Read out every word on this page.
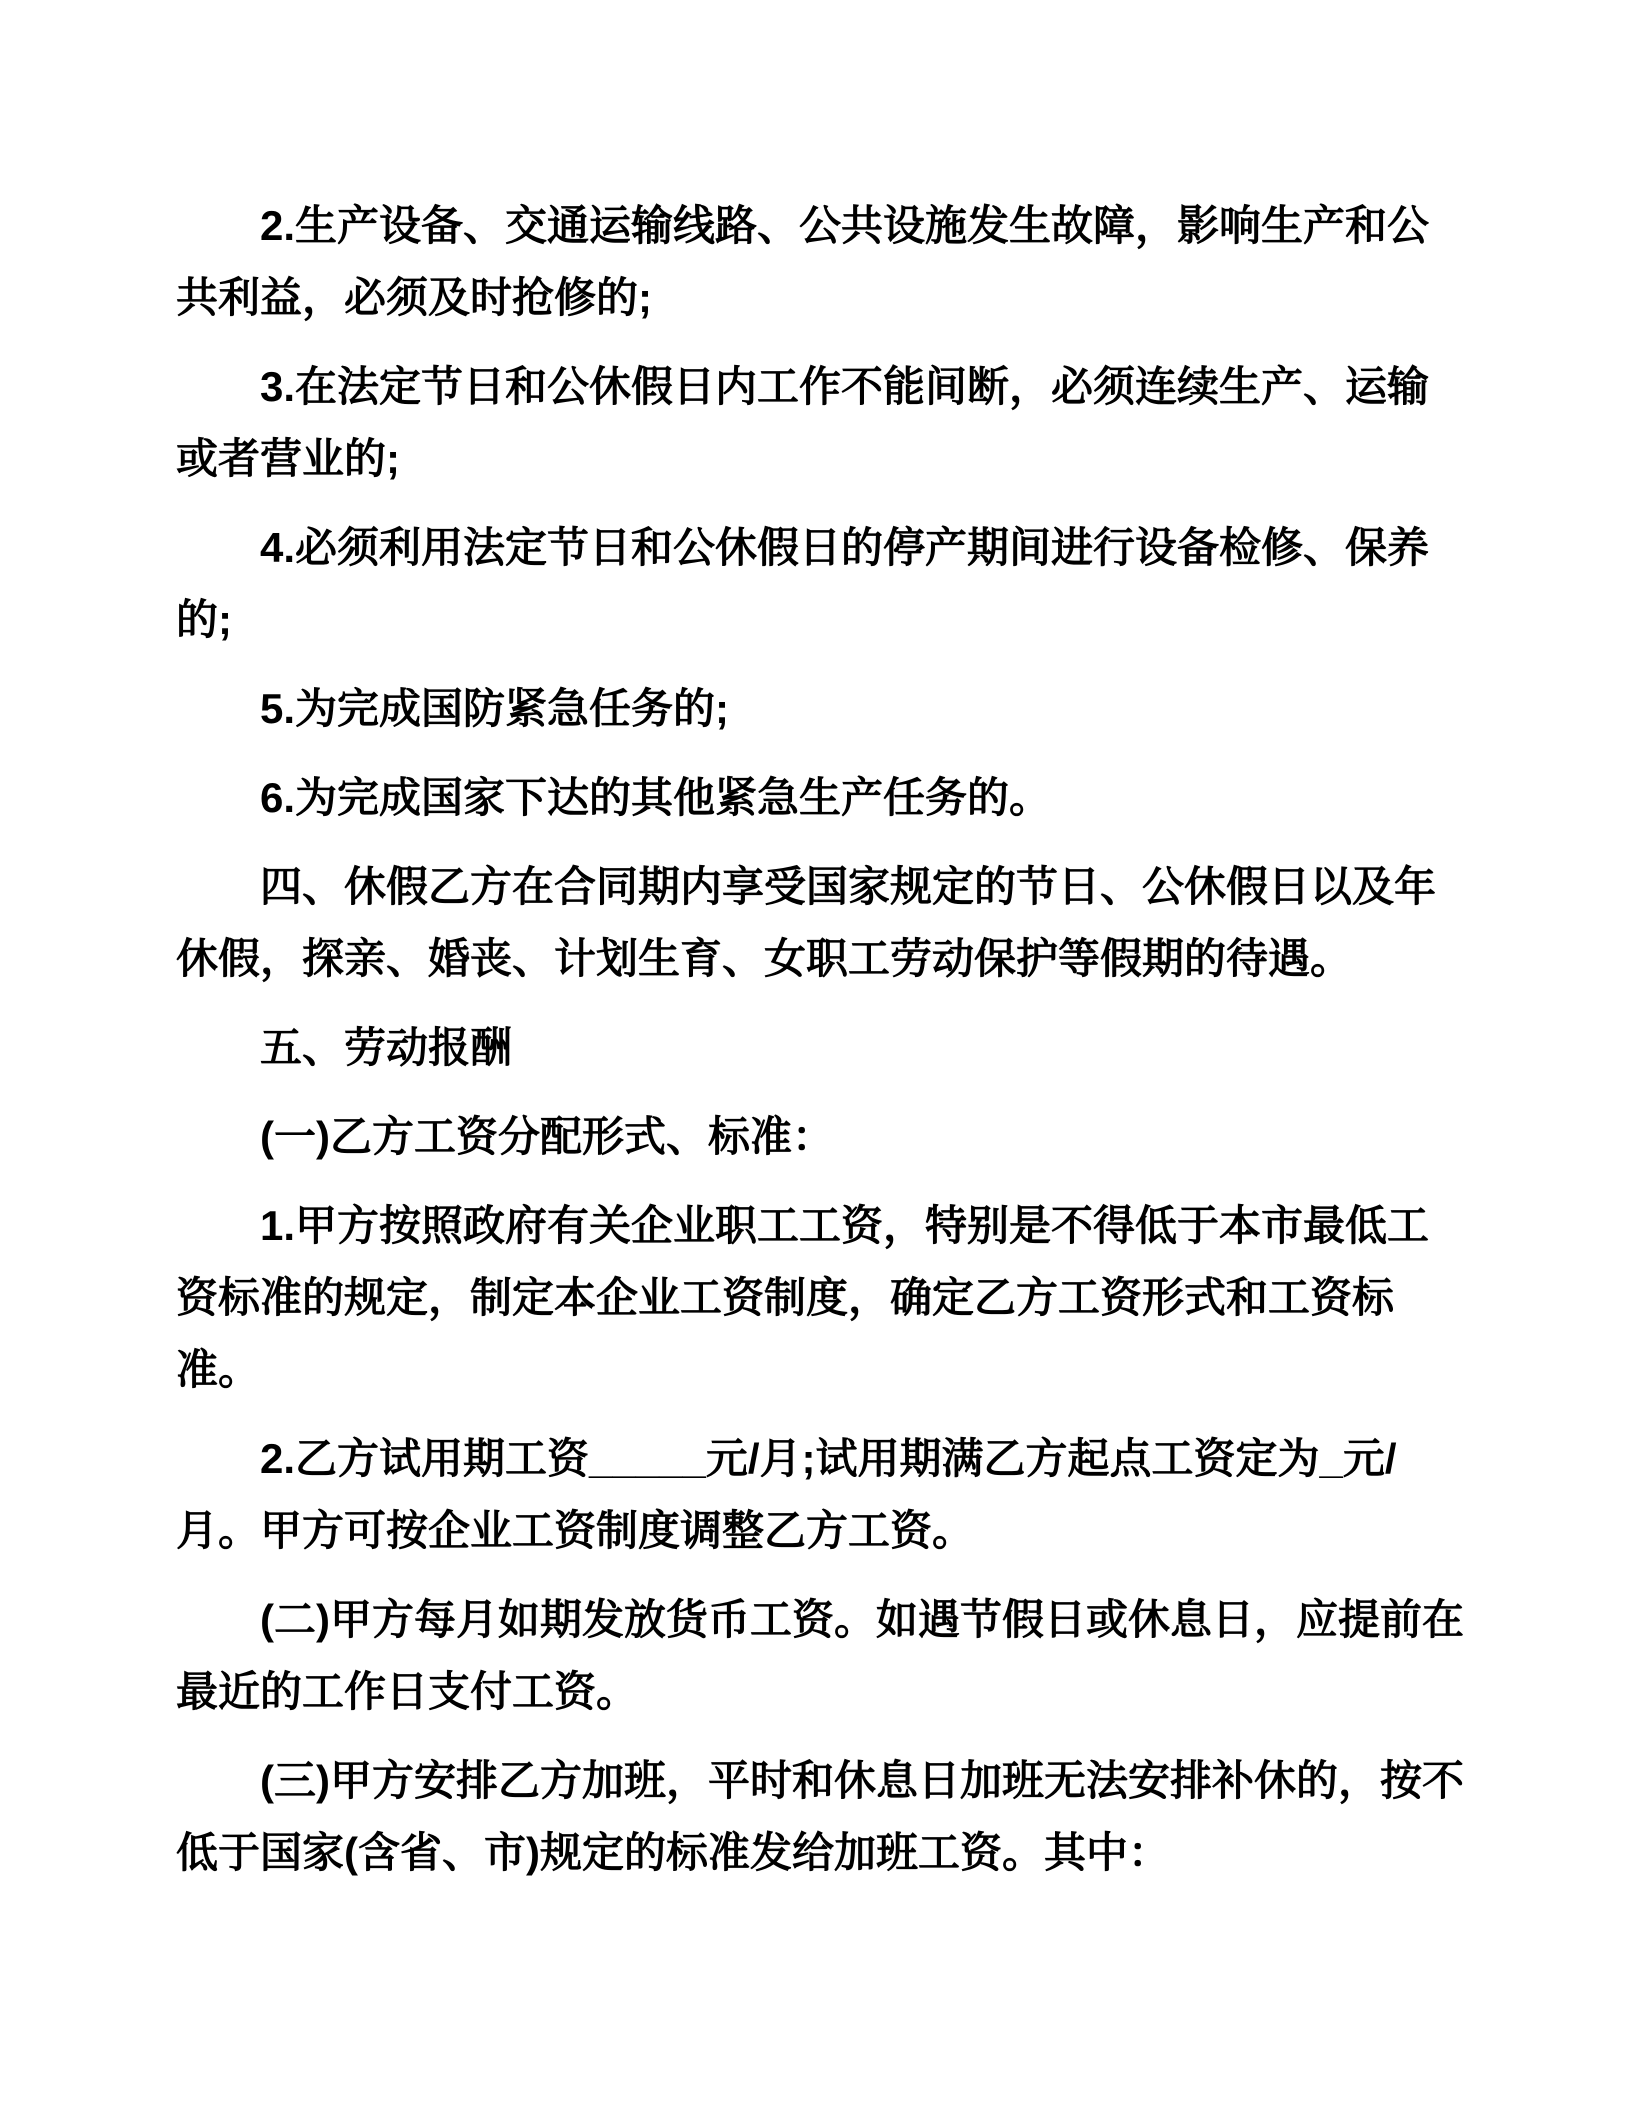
2.生产设备、交通运输线路、公共设施发生故障，影响生产和公共利益，必须及时抢修的;

3.在法定节日和公休假日内工作不能间断，必须连续生产、运输或者营业的;

4.必须利用法定节日和公休假日的停产期间进行设备检修、保养的;

5.为完成国防紧急任务的;

6.为完成国家下达的其他紧急生产任务的。

四、休假乙方在合同期内享受国家规定的节日、公休假日以及年休假，探亲、婚丧、计划生育、女职工劳动保护等假期的待遇。

五、劳动报酬

(一)乙方工资分配形式、标准：

1.甲方按照政府有关企业职工工资，特别是不得低于本市最低工资标准的规定，制定本企业工资制度，确定乙方工资形式和工资标准。

2.乙方试用期工资_____元/月;试用期满乙方起点工资定为_元/月。甲方可按企业工资制度调整乙方工资。

(二)甲方每月如期发放货币工资。如遇节假日或休息日，应提前在最近的工作日支付工资。

(三)甲方安排乙方加班，平时和休息日加班无法安排补休的，按不低于国家(含省、市)规定的标准发给加班工资。其中：
